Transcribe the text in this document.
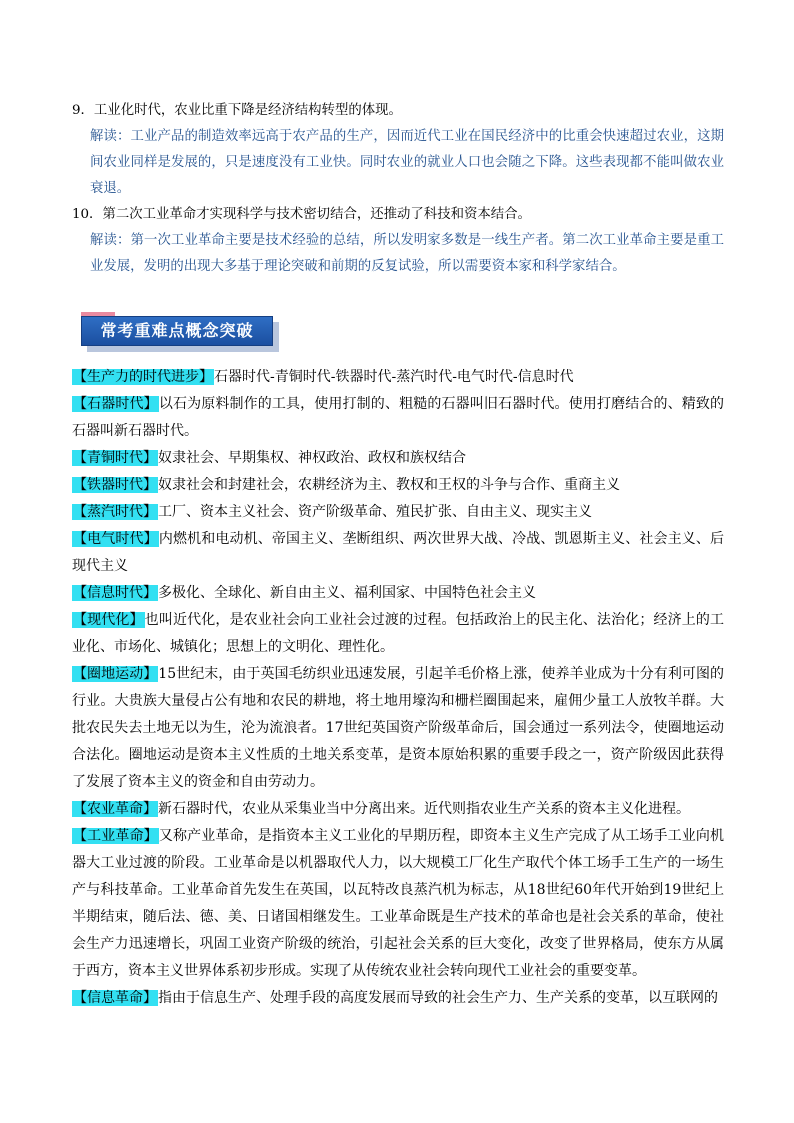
9．工业化时代，农业比重下降是经济结构转型的体现。

解读：工业产品的制造效率远高于农产品的生产，因而近代工业在国民经济中的比重会快速超过农业，这期间农业同样是发展的，只是速度没有工业快。同时农业的就业人口也会随之下降。这些表现都不能叫做农业衰退。

10．第二次工业革命才实现科学与技术密切结合，还推动了科技和资本结合。

解读：第一次工业革命主要是技术经验的总结，所以发明家多数是一线生产者。第二次工业革命主要是重工业发展，发明的出现大多基于理论突破和前期的反复试验，所以需要资本家和科学家结合。

常考重难点概念突破

【生产力的时代进步】石器时代-青铜时代-铁器时代-蒸汽时代-电气时代-信息时代

【石器时代】以石为原料制作的工具，使用打制的、粗糙的石器叫旧石器时代。使用打磨结合的、精致的石器叫新石器时代。

【青铜时代】奴隶社会、早期集权、神权政治、政权和族权结合

【铁器时代】奴隶社会和封建社会，农耕经济为主、教权和王权的斗争与合作、重商主义

【蒸汽时代】工厂、资本主义社会、资产阶级革命、殖民扩张、自由主义、现实主义

【电气时代】内燃机和电动机、帝国主义、垄断组织、两次世界大战、冷战、凯恩斯主义、社会主义、后现代主义

【信息时代】多极化、全球化、新自由主义、福利国家、中国特色社会主义

【现代化】也叫近代化，是农业社会向工业社会过渡的过程。包括政治上的民主化、法治化；经济上的工业化、市场化、城镇化；思想上的文明化、理性化。

【圈地运动】15世纪末，由于英国毛纺织业迅速发展，引起羊毛价格上涨，使养羊业成为十分有利可图的行业。大贵族大量侵占公有地和农民的耕地，将土地用壕沟和栅栏圈围起来，雇佣少量工人放牧羊群。大批农民失去土地无以为生，沦为流浪者。17世纪英国资产阶级革命后，国会通过一系列法令，使圈地运动合法化。圈地运动是资本主义性质的土地关系变革，是资本原始积累的重要手段之一，资产阶级因此获得了发展了资本主义的资金和自由劳动力。

【农业革命】新石器时代，农业从采集业当中分离出来。近代则指农业生产关系的资本主义化进程。

【工业革命】又称产业革命，是指资本主义工业化的早期历程，即资本主义生产完成了从工场手工业向机器大工业过渡的阶段。工业革命是以机器取代人力，以大规模工厂化生产取代个体工场手工生产的一场生产与科技革命。工业革命首先发生在英国，以瓦特改良蒸汽机为标志，从18世纪60年代开始到19世纪上半期结束，随后法、德、美、日诸国相继发生。工业革命既是生产技术的革命也是社会关系的革命，使社会生产力迅速增长，巩固工业资产阶级的统治，引起社会关系的巨大变化，改变了世界格局，使东方从属于西方，资本主义世界体系初步形成。实现了从传统农业社会转向现代工业社会的重要变革。

【信息革命】指由于信息生产、处理手段的高度发展而导致的社会生产力、生产关系的变革，以互联网的
